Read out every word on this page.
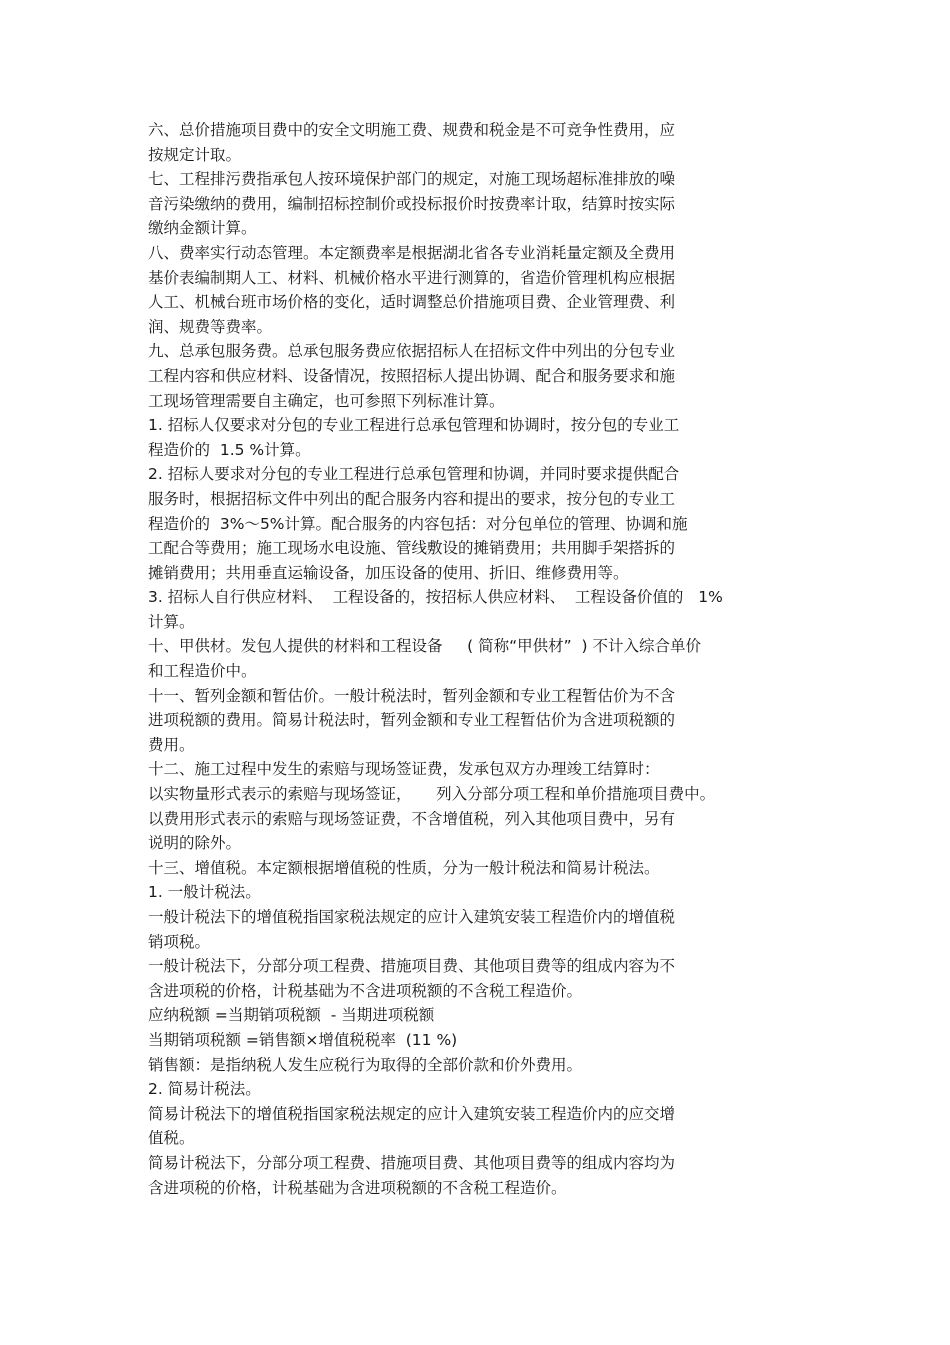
六、总价措施项目费中的安全文明施工费、规费和税金是不可竞争性费用，应
按规定计取。
七、工程排污费指承包人按环境保护部门的规定，对施工现场超标准排放的噪
音污染缴纳的费用，编制招标控制价或投标报价时按费率计取，结算时按实际
缴纳金额计算。
八、费率实行动态管理。本定额费率是根据湖北省各专业消耗量定额及全费用
基价表编制期人工、材料、机械价格水平进行测算的，省造价管理机构应根据
人工、机械台班市场价格的变化，适时调整总价措施项目费、企业管理费、利
润、规费等费率。
九、总承包服务费。总承包服务费应依据招标人在招标文件中列出的分包专业
工程内容和供应材料、设备情况，按照招标人提出协调、配合和服务要求和施
工现场管理需要自主确定，也可参照下列标准计算。
1. 招标人仅要求对分包的专业工程进行总承包管理和协调时，按分包的专业工
程造价的  1.5 %计算。
2. 招标人要求对分包的专业工程进行总承包管理和协调，并同时要求提供配合
服务时，根据招标文件中列出的配合服务内容和提出的要求，按分包的专业工
程造价的  3%～5%计算。配合服务的内容包括：对分包单位的管理、协调和施
工配合等费用；施工现场水电设施、管线敷设的摊销费用；共用脚手架搭拆的
摊销费用；共用垂直运输设备，加压设备的使用、折旧、维修费用等。
3. 招标人自行供应材料、  工程设备的，按招标人供应材料、  工程设备价值的   1%
计算。
十、甲供材。发包人提供的材料和工程设备     ( 简称“甲供材”  ) 不计入综合单价
和工程造价中。
十一、暂列金额和暂估价。一般计税法时，暂列金额和专业工程暂估价为不含
进项税额的费用。简易计税法时，暂列金额和专业工程暂估价为含进项税额的
费用。
十二、施工过程中发生的索赔与现场签证费，发承包双方办理竣工结算时：
以实物量形式表示的索赔与现场签证，     列入分部分项工程和单价措施项目费中。
以费用形式表示的索赔与现场签证费，不含增值税，列入其他项目费中，另有
说明的除外。
十三、增值税。本定额根据增值税的性质，分为一般计税法和简易计税法。
1. 一般计税法。
一般计税法下的增值税指国家税法规定的应计入建筑安装工程造价内的增值税
销项税。
一般计税法下，分部分项工程费、措施项目费、其他项目费等的组成内容为不
含进项税的价格，计税基础为不含进项税额的不含税工程造价。
应纳税额 =当期销项税额  - 当期进项税额
当期销项税额 =销售额×增值税税率  (11 %)
销售额：是指纳税人发生应税行为取得的全部价款和价外费用。
2. 简易计税法。
简易计税法下的增值税指国家税法规定的应计入建筑安装工程造价内的应交增
值税。
简易计税法下，分部分项工程费、措施项目费、其他项目费等的组成内容均为
含进项税的价格，计税基础为含进项税额的不含税工程造价。
